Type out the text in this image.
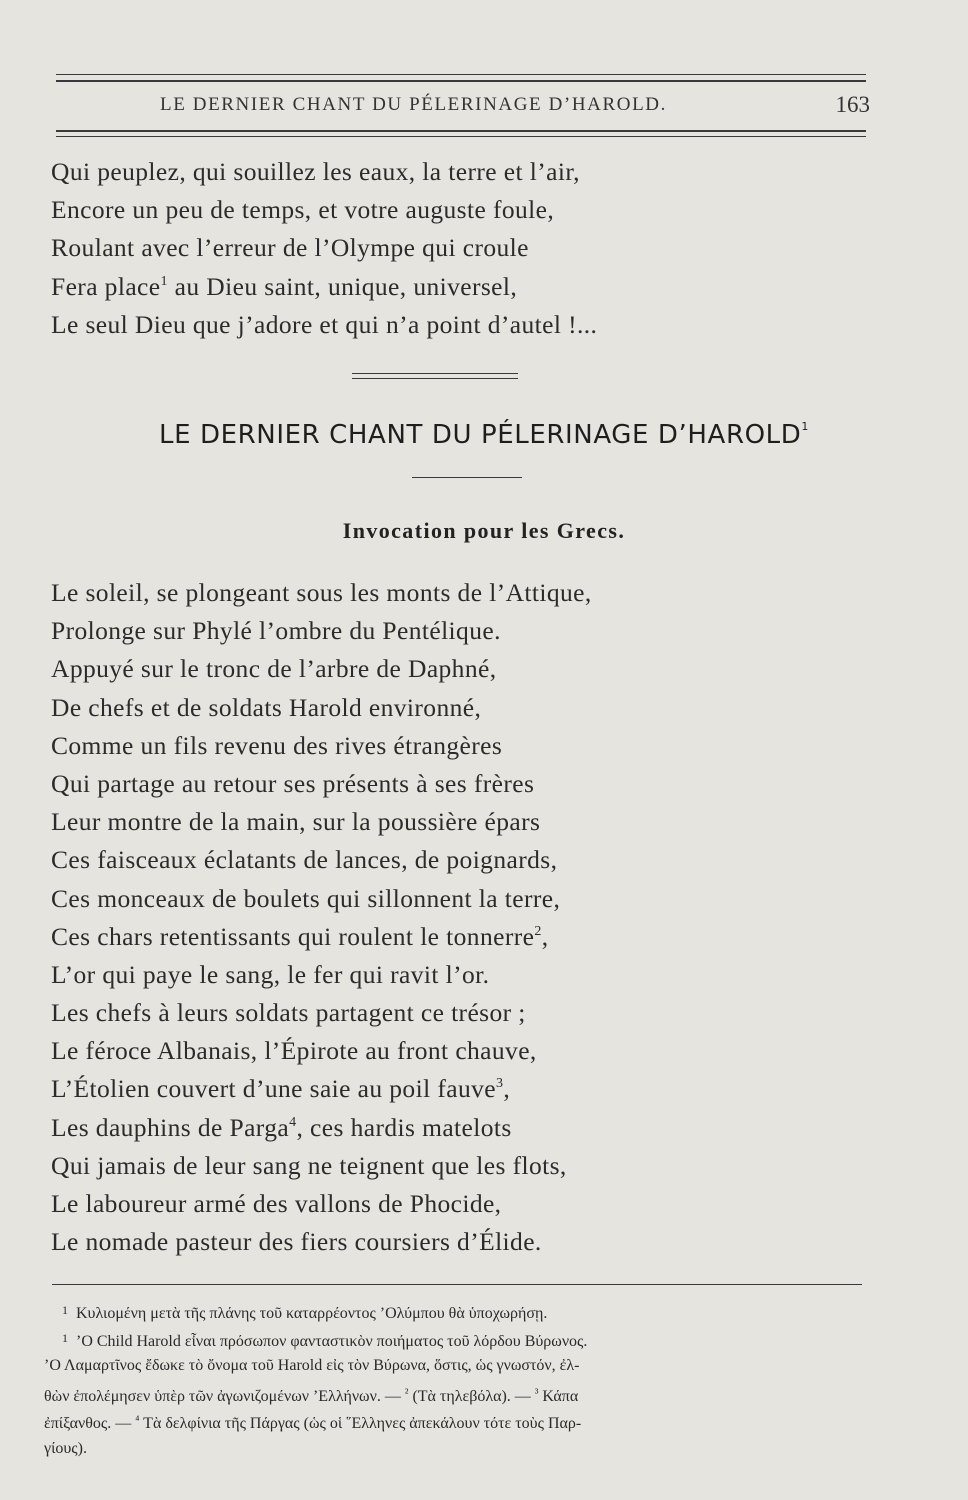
LE DERNIER CHANT DU PÉLERINAGE D’HAROLD.	163
Qui peuplez, qui souillez les eaux, la terre et l’air,
Encore un peu de temps, et votre auguste foule,
Roulant avec l’erreur de l’Olympe qui croule
Fera place$^1$ au Dieu saint, unique, universel,
Le seul Dieu que j’adore et qui n’a point d’autel !...
LE DERNIER CHANT DU PÉLERINAGE D’HAROLD$^1$
Invocation pour les Grecs.
Le soleil, se plongeant sous les monts de l’Attique,
Prolonge sur Phylé l’ombre du Pentélique.
Appuyé sur le tronc de l’arbre de Daphné,
De chefs et de soldats Harold environné,
Comme un fils revenu des rives étrangères
Qui partage au retour ses présents à ses frères
Leur montre de la main, sur la poussière épars
Ces faisceaux éclatants de lances, de poignards,
Ces monceaux de boulets qui sillonnent la terre,
Ces chars retentissants qui roulent le tonnerre$^2$,
L’or qui paye le sang, le fer qui ravit l’or.
Les chefs à leurs soldats partagent ce trésor ;
Le féroce Albanais, l’Épirote au front chauve,
L’Étolien couvert d’une saie au poil fauve$^3$,
Les dauphins de Parga$^4$, ces hardis matelots
Qui jamais de leur sang ne teignent que les flots,
Le laboureur armé des vallons de Phocide,
Le nomade pasteur des fiers coursiers d’Élide.
$^1$ Κυλιομένη μετὰ τῆς πλάνης τοῦ καταρρέοντος ’Ολύμπου θὰ ὑποχωρήσῃ.
$^1$ ’Ο Child Harold εἶναι πρόσωπον φανταστικὸν ποιήματος τοῦ λόρδου Βύρωνος.
’Ο Λαμαρτῖνος ἔδωκε τὸ ὄνομα τοῦ Harold εἰς τὸν Βύρωνα, ὅστις, ὡς γνωστόν, ἐλ-
θὼν ἐπολέμησεν ὑπὲρ τῶν ἀγωνιζομένων ’Ελλήνων. — $^{^2}$ (Τὰ τηλεβόλα). — $^{^3}$ Κάπα
ἐπίξανθος. — $^{^4}$ Τὰ δελφίνια τῆς Πάργας (ὡς οἱ ῞Ελληνες ἀπεκάλουν τότε τοὺς Παρ-
γίους).
